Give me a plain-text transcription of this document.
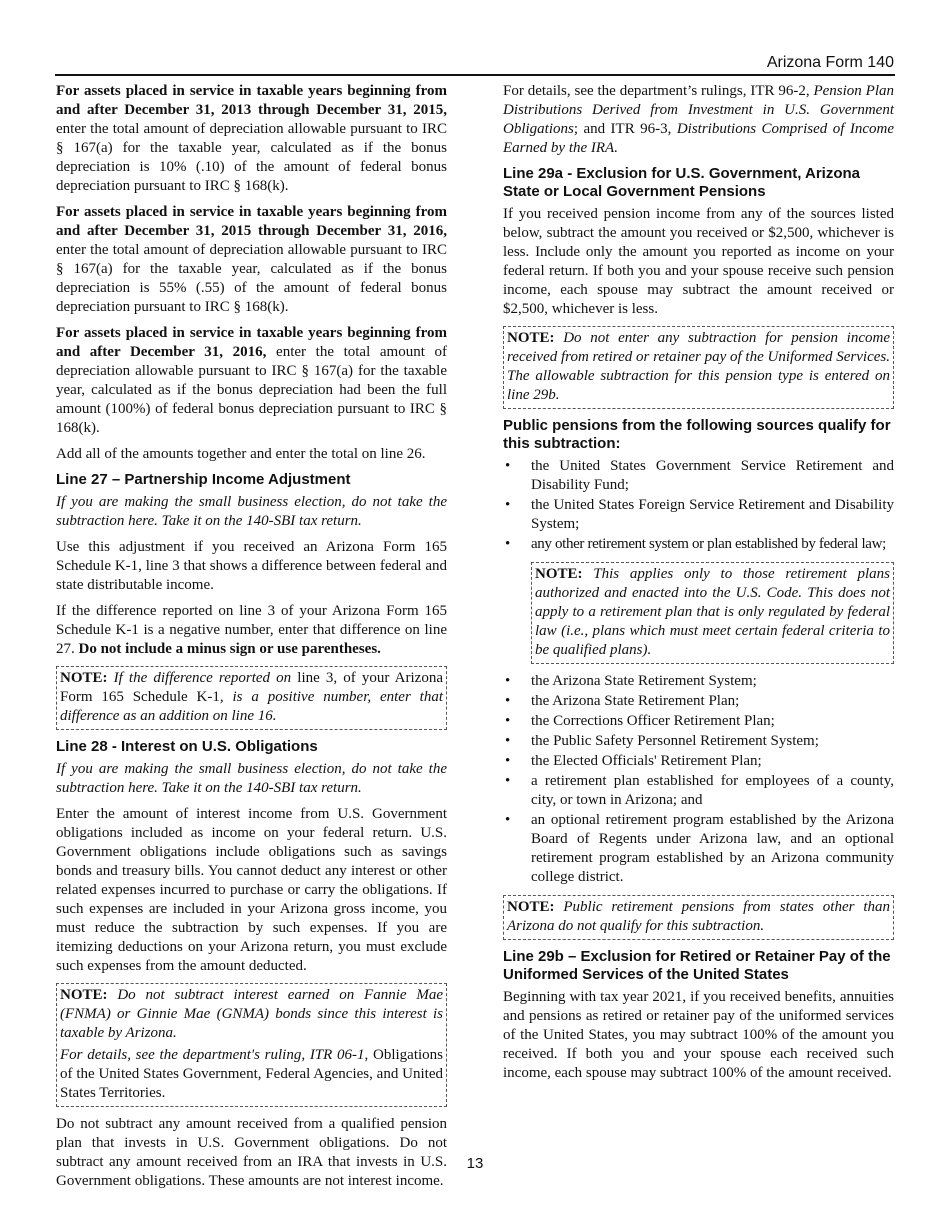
Arizona Form 140

For assets placed in service in taxable years beginning from and after December 31, 2013 through December 31, 2015, enter the total amount of depreciation allowable pursuant to IRC § 167(a) for the taxable year, calculated as if the bonus depreciation is 10% (.10) of the amount of federal bonus depreciation pursuant to IRC § 168(k).

For assets placed in service in taxable years beginning from and after December 31, 2015 through December 31, 2016, enter the total amount of depreciation allowable pursuant to IRC § 167(a) for the taxable year, calculated as if the bonus depreciation is 55% (.55) of the amount of federal bonus depreciation pursuant to IRC § 168(k).

For assets placed in service in taxable years beginning from and after December 31, 2016, enter the total amount of depreciation allowable pursuant to IRC § 167(a) for the taxable year, calculated as if the bonus depreciation had been the full amount (100%) of federal bonus depreciation pursuant to IRC § 168(k).

Add all of the amounts together and enter the total on line 26.

Line 27 – Partnership Income Adjustment

If you are making the small business election, do not take the subtraction here. Take it on the 140-SBI tax return.

Use this adjustment if you received an Arizona Form 165 Schedule K-1, line 3 that shows a difference between federal and state distributable income.

If the difference reported on line 3 of your Arizona Form 165 Schedule K-1 is a negative number, enter that difference on line 27. Do not include a minus sign or use parentheses.

NOTE: If the difference reported on line 3, of your Arizona Form 165 Schedule K-1, is a positive number, enter that difference as an addition on line 16.

Line 28 - Interest on U.S. Obligations

If you are making the small business election, do not take the subtraction here. Take it on the 140-SBI tax return.

Enter the amount of interest income from U.S. Government obligations included as income on your federal return. U.S. Government obligations include obligations such as savings bonds and treasury bills. You cannot deduct any interest or other related expenses incurred to purchase or carry the obligations. If such expenses are included in your Arizona gross income, you must reduce the subtraction by such expenses. If you are itemizing deductions on your Arizona return, you must exclude such expenses from the amount deducted.

NOTE: Do not subtract interest earned on Fannie Mae (FNMA) or Ginnie Mae (GNMA) bonds since this interest is taxable by Arizona.

For details, see the department's ruling, ITR 06-1, Obligations of the United States Government, Federal Agencies, and United States Territories.

Do not subtract any amount received from a qualified pension plan that invests in U.S. Government obligations. Do not subtract any amount received from an IRA that invests in U.S. Government obligations. These amounts are not interest income.

For details, see the department’s rulings, ITR 96-2, Pension Plan Distributions Derived from Investment in U.S. Government Obligations; and ITR 96-3, Distributions Comprised of Income Earned by the IRA.

Line 29a - Exclusion for U.S. Government, Arizona State or Local Government Pensions

If you received pension income from any of the sources listed below, subtract the amount you received or $2,500, whichever is less. Include only the amount you reported as income on your federal return. If both you and your spouse receive such pension income, each spouse may subtract the amount received or $2,500, whichever is less.

NOTE: Do not enter any subtraction for pension income received from retired or retainer pay of the Uniformed Services. The allowable subtraction for this pension type is entered on line 29b.

Public pensions from the following sources qualify for this subtraction:
• the United States Government Service Retirement and Disability Fund;
• the United States Foreign Service Retirement and Disability System;
• any other retirement system or plan established by federal law;

NOTE: This applies only to those retirement plans authorized and enacted into the U.S. Code. This does not apply to a retirement plan that is only regulated by federal law (i.e., plans which must meet certain federal criteria to be qualified plans).

• the Arizona State Retirement System;
• the Arizona State Retirement Plan;
• the Corrections Officer Retirement Plan;
• the Public Safety Personnel Retirement System;
• the Elected Officials' Retirement Plan;
• a retirement plan established for employees of a county, city, or town in Arizona; and
• an optional retirement program established by the Arizona Board of Regents under Arizona law, and an optional retirement program established by an Arizona community college district.

NOTE: Public retirement pensions from states other than Arizona do not qualify for this subtraction.

Line 29b – Exclusion for Retired or Retainer Pay of the Uniformed Services of the United States

Beginning with tax year 2021, if you received benefits, annuities and pensions as retired or retainer pay of the uniformed services of the United States, you may subtract 100% of the amount you received. If both you and your spouse each received such income, each spouse may subtract 100% of the amount received.

13
